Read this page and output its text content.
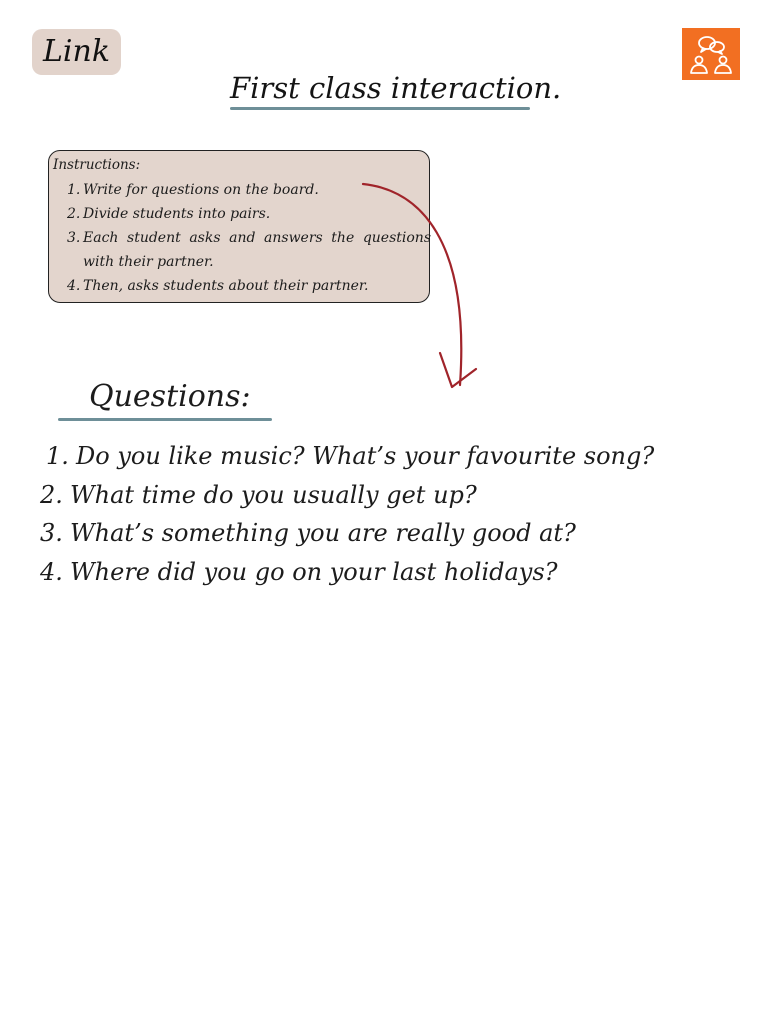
Link
First class interaction.
Instructions:
1. Write for questions on the board.
2. Divide students into pairs.
3. Each student asks and answers the questions with their partner.
4. Then, asks students about their partner.
Questions:
1. Do you like music? What’s your favourite song?
2. What time do you usually get up?
3. What’s something you are really good at?
4. Where did you go on your last holidays?
